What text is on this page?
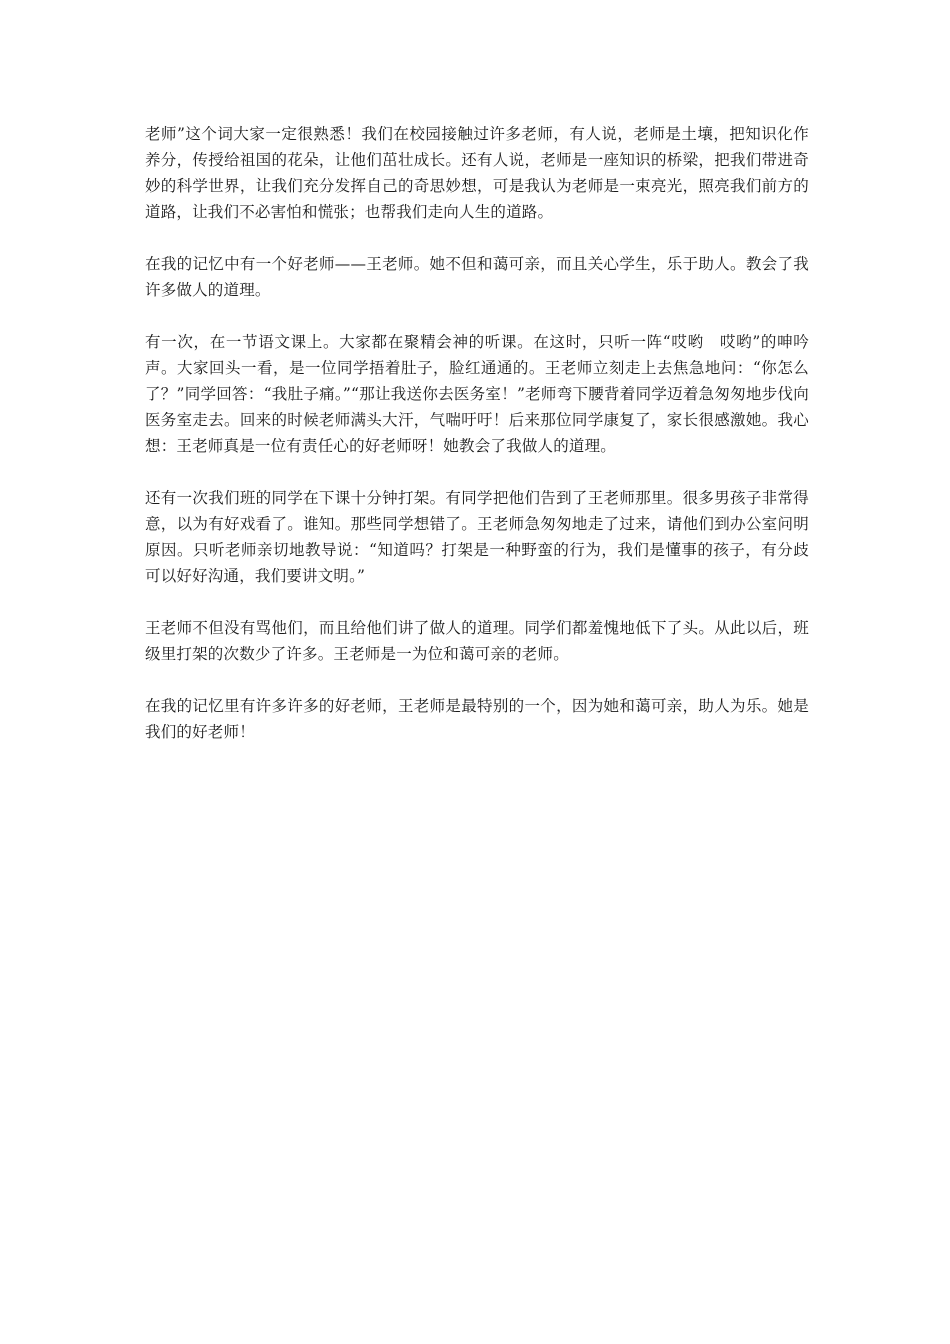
老师”这个词大家一定很熟悉！我们在校园接触过许多老师，有人说，老师是土壤，把知识化作养分，传授给祖国的花朵，让他们茁壮成长。还有人说，老师是一座知识的桥梁，把我们带进奇妙的科学世界，让我们充分发挥自己的奇思妙想，可是我认为老师是一束亮光，照亮我们前方的道路，让我们不必害怕和慌张；也帮我们走向人生的道路。

在我的记忆中有一个好老师——王老师。她不但和蔼可亲，而且关心学生，乐于助人。教会了我许多做人的道理。

有一次，在一节语文课上。大家都在聚精会神的听课。在这时，只听一阵“哎哟　哎哟”的呻吟声。大家回头一看，是一位同学捂着肚子，脸红通通的。王老师立刻走上去焦急地问：“你怎么了？”同学回答：“我肚子痛。”“那让我送你去医务室！”老师弯下腰背着同学迈着急匆匆地步伐向医务室走去。回来的时候老师满头大汗，气喘吁吁！后来那位同学康复了，家长很感激她。我心想：王老师真是一位有责任心的好老师呀！她教会了我做人的道理。

还有一次我们班的同学在下课十分钟打架。有同学把他们告到了王老师那里。很多男孩子非常得意，以为有好戏看了。谁知。那些同学想错了。王老师急匆匆地走了过来，请他们到办公室问明原因。只听老师亲切地教导说：“知道吗？打架是一种野蛮的行为，我们是懂事的孩子，有分歧可以好好沟通，我们要讲文明。”

王老师不但没有骂他们，而且给他们讲了做人的道理。同学们都羞愧地低下了头。从此以后，班级里打架的次数少了许多。王老师是一为位和蔼可亲的老师。

在我的记忆里有许多许多的好老师，王老师是最特别的一个，因为她和蔼可亲，助人为乐。她是我们的好老师！
